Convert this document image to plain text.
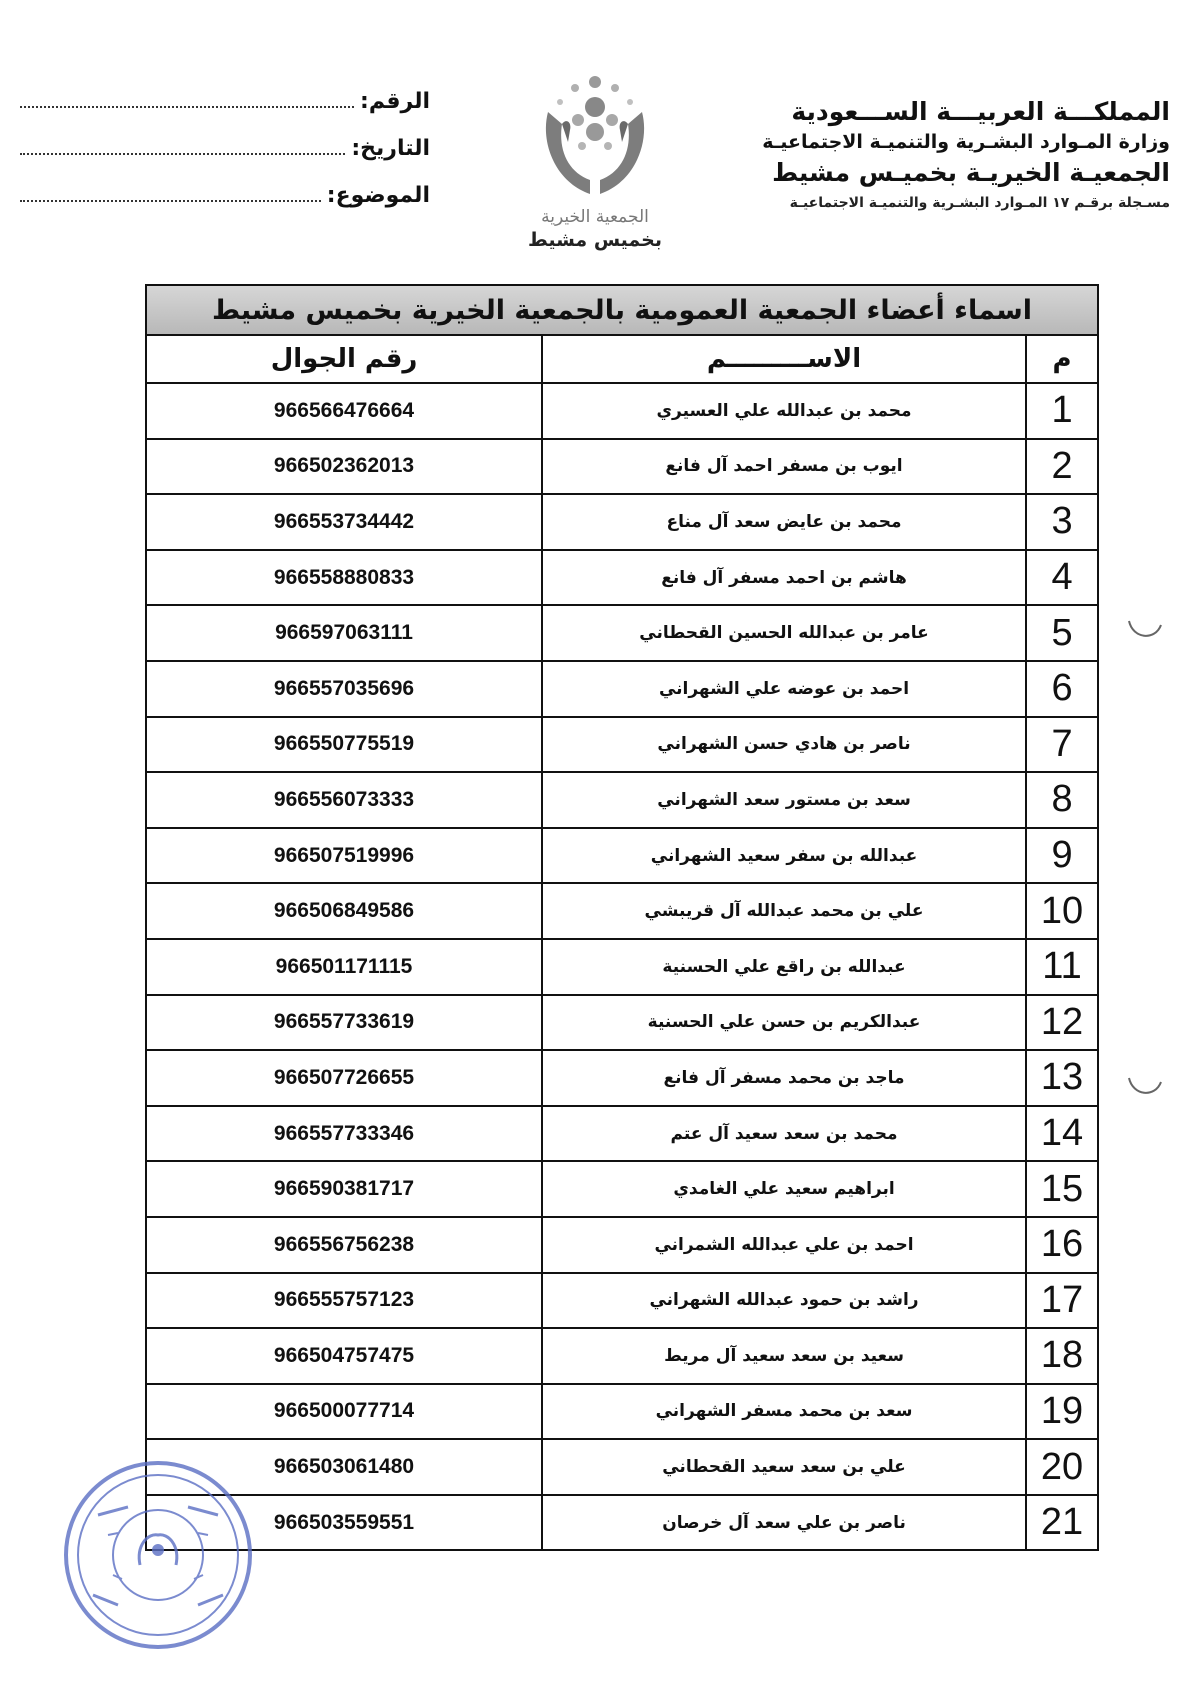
المملكـــة العربيـــة الســـعودية
وزارة المـوارد البشـرية والتنميـة الاجتماعيـة
الجمعيـة الخيريـة بخميـس مشيط
مسـجلة برقـم ١٧ المـوارد البشـرية والتنميـة الاجتماعيـة
الجمعية الخيرية
بخميس مشيط
الرقم:
التاريخ:
الموضوع:
اسماء أعضاء الجمعية العمومية بالجمعية الخيرية بخميس مشيط		
م	الاســـــــــم	رقم الجوال
1	محمد بن عبدالله علي العسيري	966566476664
2	ايوب بن مسفر احمد آل فانع	966502362013
3	محمد بن عايض سعد آل مناع	966553734442
4	هاشم بن احمد مسفر آل فانع	966558880833
5	عامر بن عبدالله الحسين القحطاني	966597063111
6	احمد بن عوضه علي الشهراني	966557035696
7	ناصر بن هادي حسن الشهراني	966550775519
8	سعد بن مستور سعد الشهراني	966556073333
9	عبدالله بن سفر سعيد الشهراني	966507519996
10	علي بن محمد عبدالله آل قريبشي	966506849586
11	عبدالله بن راقع علي الحسنية	966501171115
12	عبدالكريم بن حسن علي الحسنية	966557733619
13	ماجد بن محمد مسفر آل فانع	966507726655
14	محمد بن سعد سعيد آل عتم	966557733346
15	ابراهيم سعيد علي الغامدي	966590381717
16	احمد بن علي عبدالله الشمراني	966556756238
17	راشد بن حمود عبدالله الشهراني	966555757123
18	سعيد بن سعد سعيد آل مريط	966504757475
19	سعد بن محمد مسفر الشهراني	966500077714
20	علي بن سعد سعيد القحطاني	966503061480
21	ناصر بن علي سعد آل خرصان	966503559551
